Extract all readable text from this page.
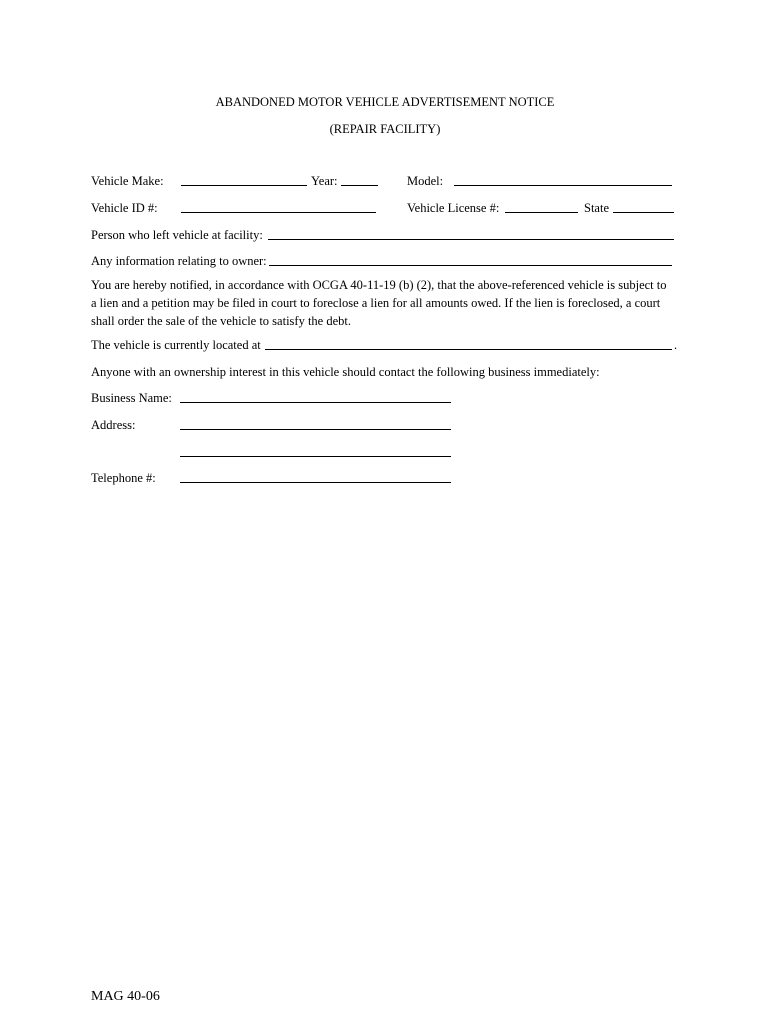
ABANDONED MOTOR VEHICLE ADVERTISEMENT NOTICE
(REPAIR FACILITY)
Vehicle Make:	Year:	Model:
Vehicle ID #:	Vehicle License #:	State
Person who left vehicle at facility:
Any information relating to owner:
You are hereby notified, in accordance with OCGA 40-11-19 (b) (2), that the above-referenced vehicle is subject to a lien and a petition may be filed in court to foreclose a lien for all amounts owed. If the lien is foreclosed, a court shall order the sale of the vehicle to satisfy the debt.
The vehicle is currently located at	.
Anyone with an ownership interest in this vehicle should contact the following business immediately:
Business Name:
Address:
Telephone #:
MAG 40-06
